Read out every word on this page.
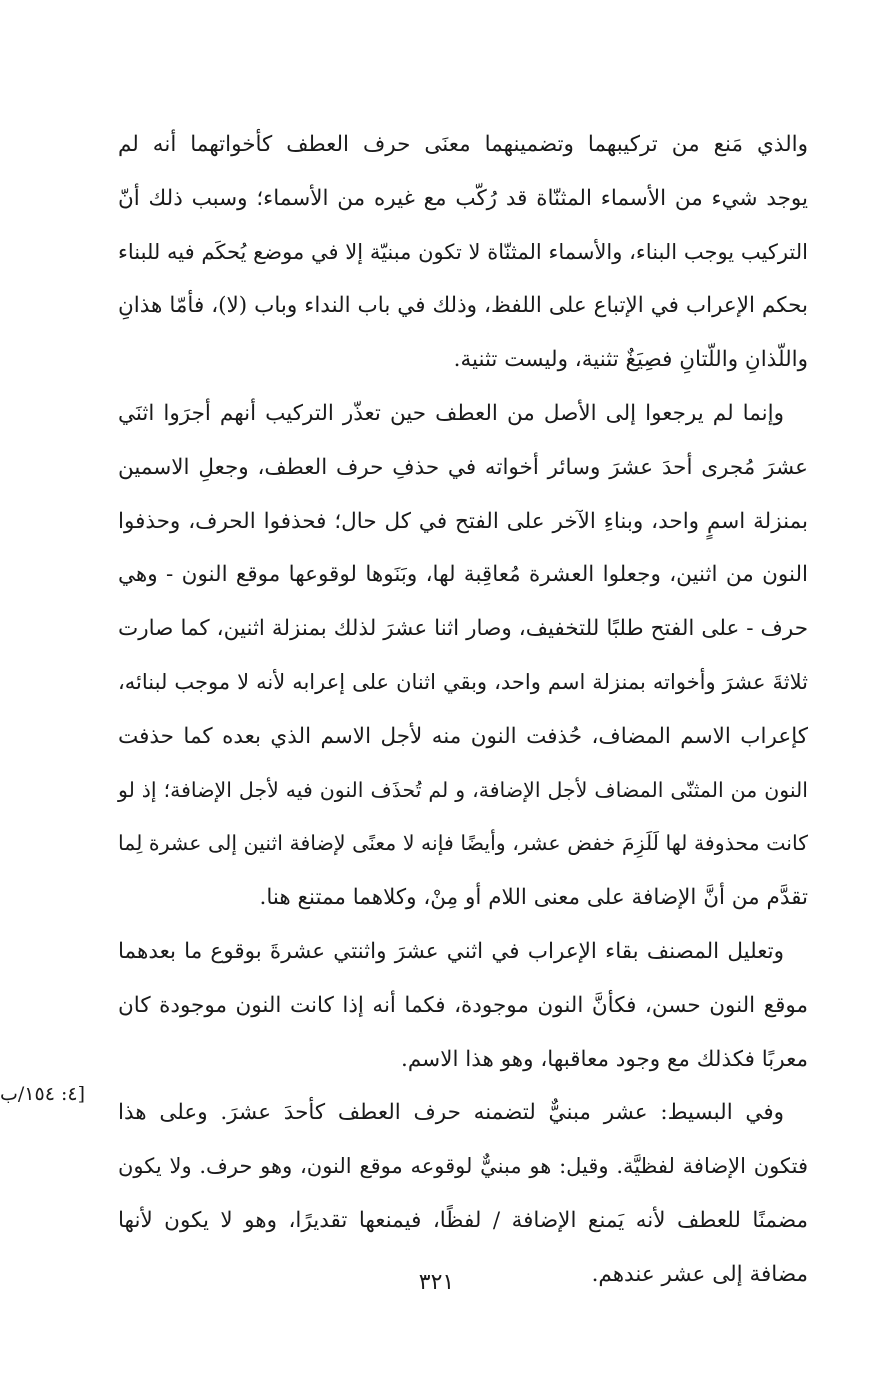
والذي مَنع من تركيبهما وتضمينهما معنَى حرف العطف كأخواتهما أنه لم
يوجد شيء من الأسماء المثنّاة قد رُكّب مع غيره من الأسماء؛ وسبب ذلك أنّ
التركيب يوجب البناء، والأسماء المثنّاة لا تكون مبنيّة إلا في موضع يُحكَم فيه للبناء
بحكم الإعراب في الإتباع على اللفظ، وذلك في باب النداء وباب (لا)، فأمّا هذانِ
واللّذانِ واللّتانِ فصِيَغٌ تثنية، وليست تثنية.

وإنما لم يرجعوا إلى الأصل من العطف حين تعذّر التركيب أنهم أجرَوا اثنَي
عشرَ مُجرى أحدَ عشرَ وسائر أخواته في حذفِ حرف العطف، وجعلِ الاسمين
بمنزلة اسمٍ واحد، وبناءِ الآخر على الفتح في كل حال؛ فحذفوا الحرف، وحذفوا
النون من اثنين، وجعلوا العشرة مُعاقِبة لها، وبَنَوها لوقوعها موقع النون - وهي
حرف - على الفتح طلبًا للتخفيف، وصار اثنا عشرَ لذلك بمنزلة اثنين، كما صارت
ثلاثةَ عشرَ وأخواته بمنزلة اسم واحد، وبقي اثنان على إعرابه لأنه لا موجب لبنائه،
كإعراب الاسم المضاف، حُذفت النون منه لأجل الاسم الذي بعده كما حذفت
النون من المثنّى المضاف لأجل الإضافة، و لم تُحذَف النون فيه لأجل الإضافة؛ إذ لو
كانت محذوفة لها لَلَزِمَ خفض عشر، وأيضًا فإنه لا معنًى لإضافة اثنين إلى عشرة لِما
تقدَّم من أنَّ الإضافة على معنى اللام أو مِنْ، وكلاهما ممتنع هنا.

وتعليل المصنف بقاء الإعراب في اثني عشرَ واثنتي عشرةَ بوقوع ما بعدهما
موقع النون حسن، فكأنَّ النون موجودة، فكما أنه إذا كانت النون موجودة كان
معربًا فكذلك مع وجود معاقبها، وهو هذا الاسم.

وفي البسيط: عشر مبنيٌّ لتضمنه حرف العطف كأحدَ عشرَ. وعلى هذا
فتكون الإضافة لفظيَّة. وقيل: هو مبنيٌّ لوقوعه موقع النون، وهو حرف. ولا يكون
مضمنًا للعطف لأنه يَمنع الإضافة / لفظًا، فيمنعها تقديرًا، وهو لا يكون لأنها
مضافة إلى عشر عندهم.

[٤: ١٥٤/ب
٣٢١
